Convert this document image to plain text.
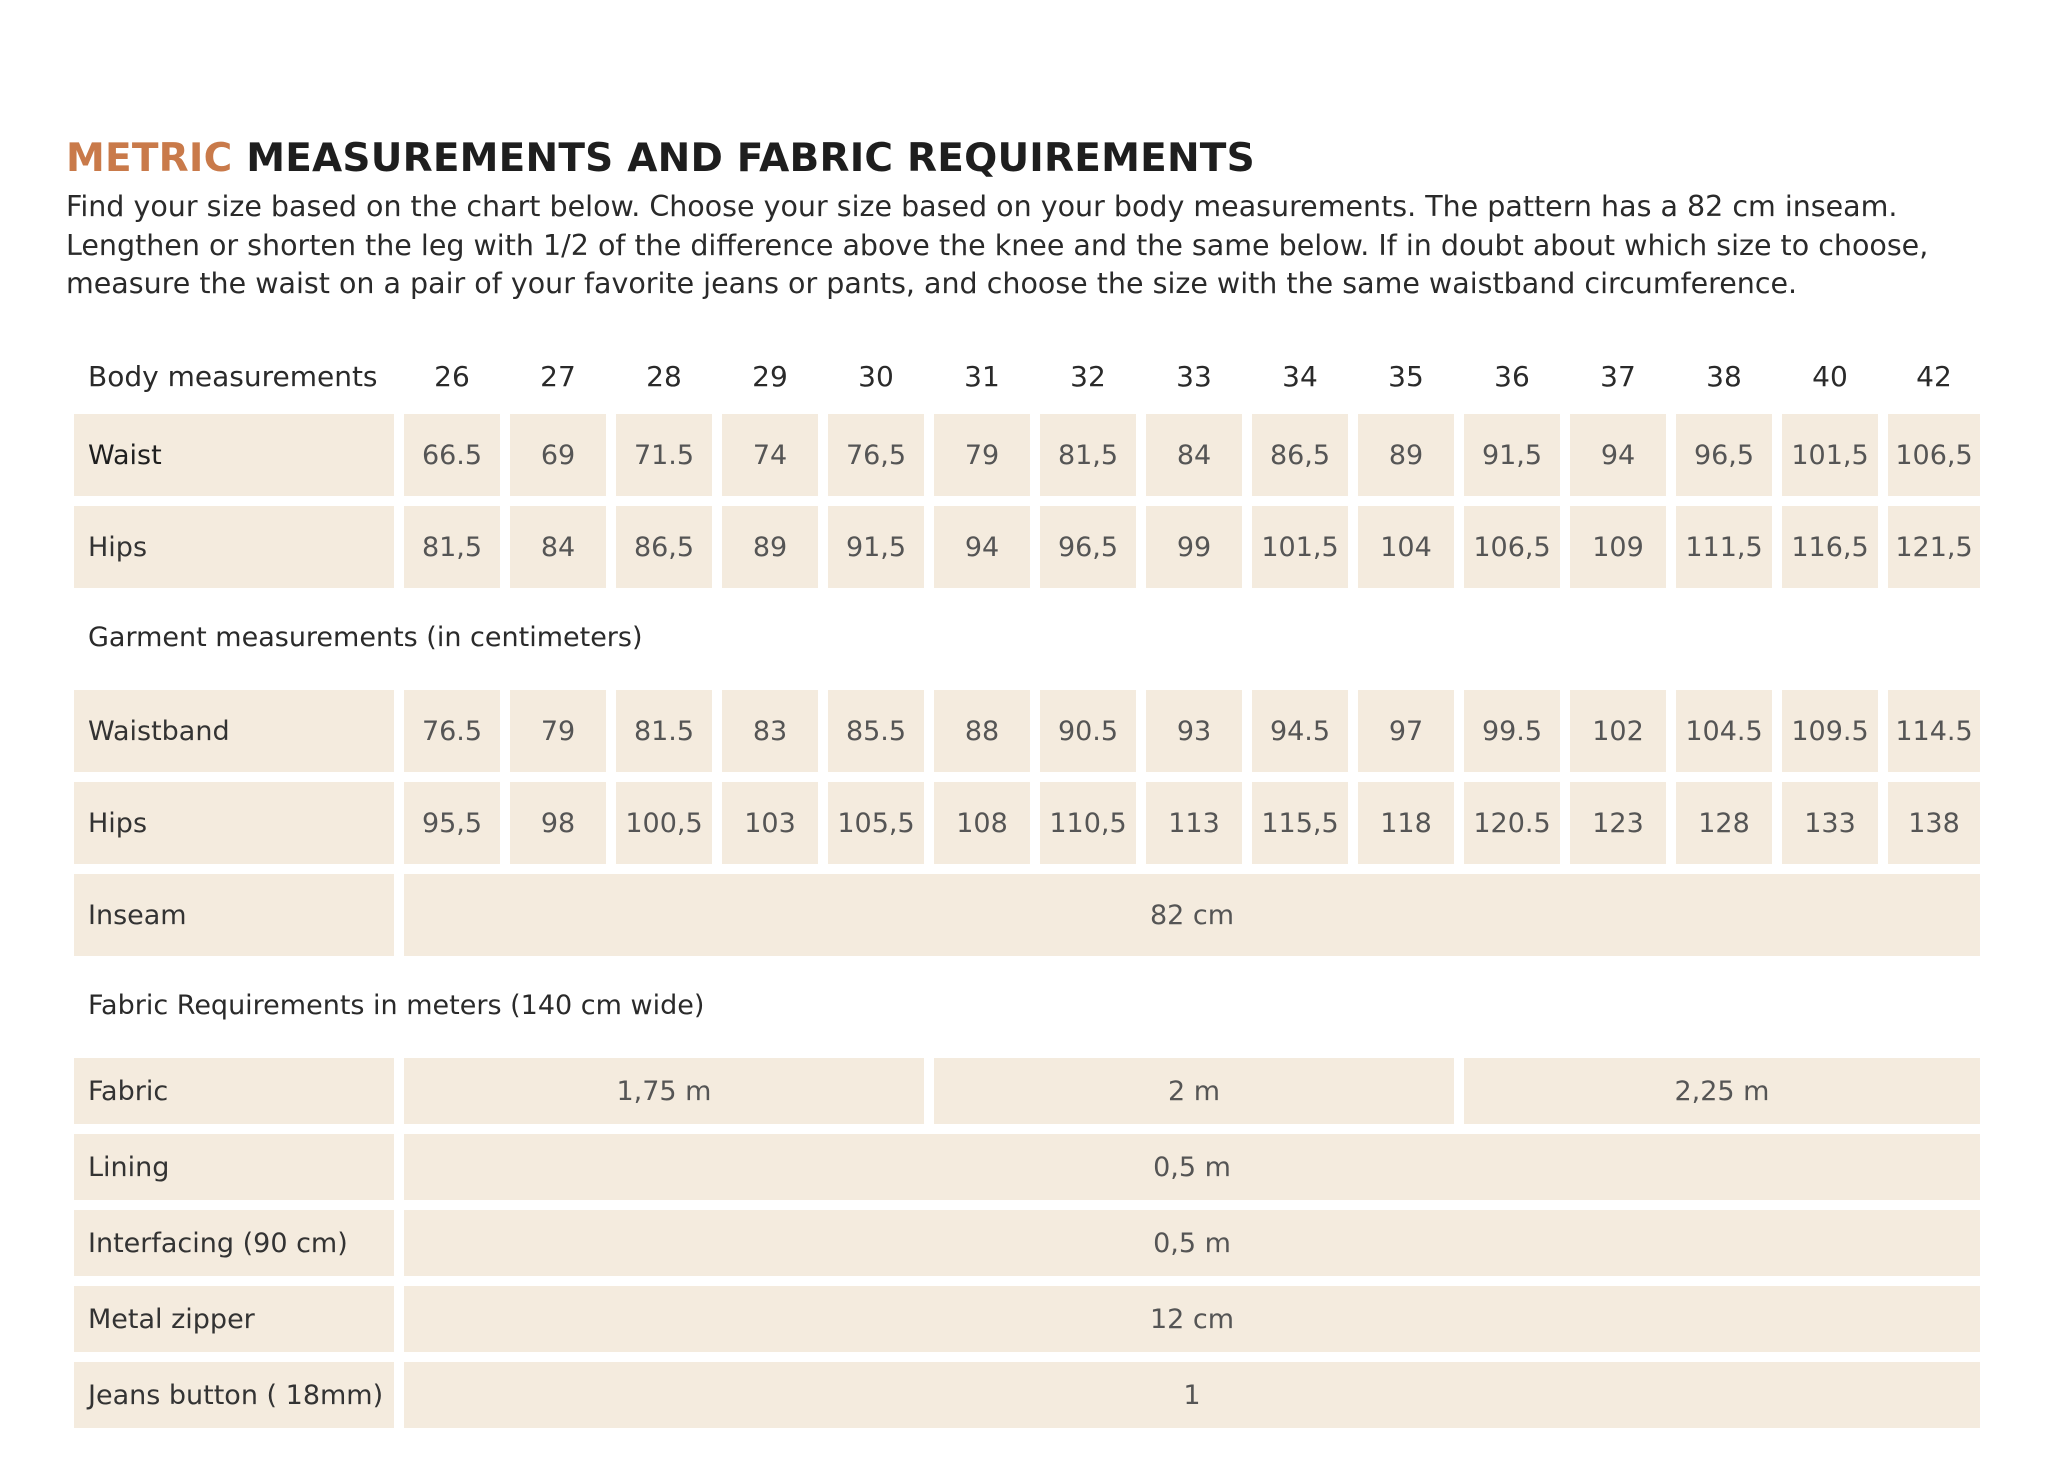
METRIC MEASUREMENTS AND FABRIC REQUIREMENTS

Find your size based on the chart below. Choose your size based on your body measurements. The pattern has a 82 cm inseam.

Lengthen or shorten the leg with 1/2 of the difference above the knee and the same below. If in doubt about which size to choose,

measure the waist on a pair of your favorite jeans or pants, and choose the size with the same waistband circumference.

Body measurements	26	27	28	29	30	31	32	33	34	35	36	37	38	40	42
Waist	66.5	69	71.5	74	76,5	79	81,5	84	86,5	89	91,5	94	96,5	101,5 106,5
Hips	81,5	84	86,5	89	91,5	94	96,5	99	101,5	104	106,5	109	111,5	116,5 121,5
Garment measurements (in centimeters)
Waistband	76.5	79	81.5	83	85.5	88	90.5	93	94.5	97	99.5	102	104.5	109.5 114.5
Hips	95,5	98	100,5	103	105,5	108	110,5	113	115,5	118	120.5	123	128	133	138
Inseam	82 cm
Fabric Requirements in meters (140 cm wide)
Fabric	1,75 m	2 m	2,25 m
Lining	0,5 m
Interfacing (90 cm)	0,5 m
Metal zipper	12 cm
Jeans button ( 18mm)	1
